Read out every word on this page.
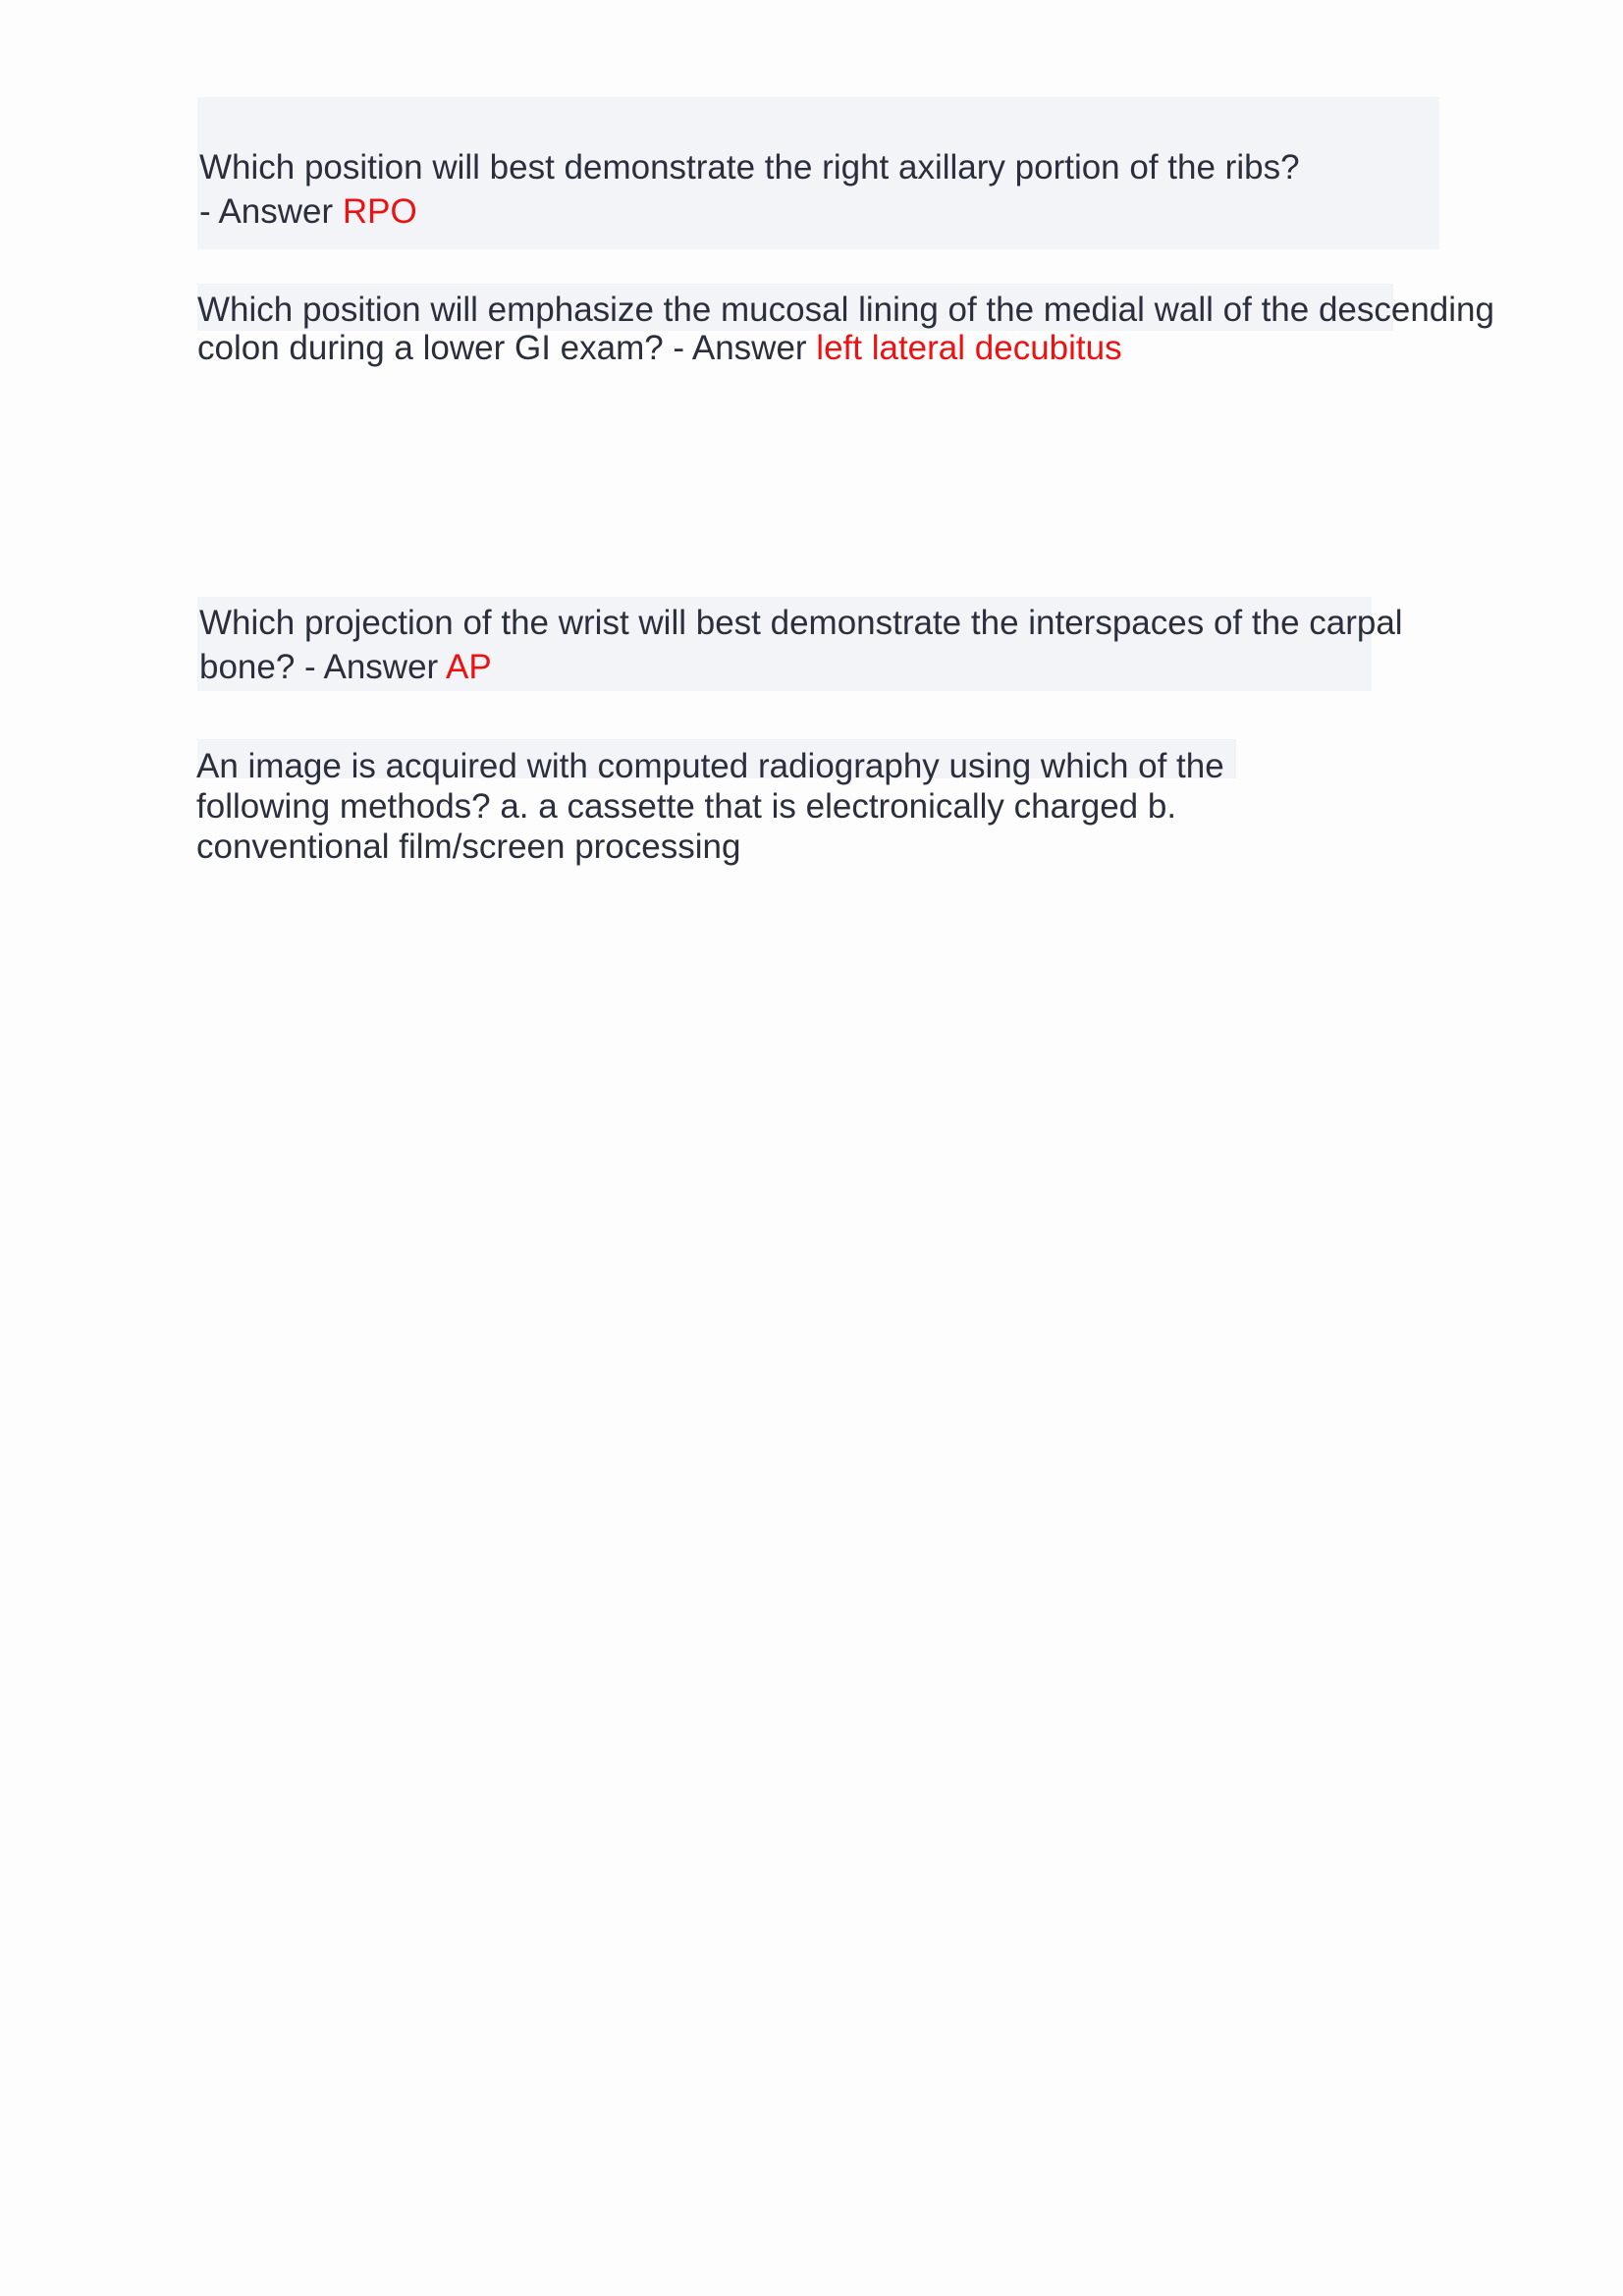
Which position will best demonstrate the right axillary portion of the ribs?
- Answer RPO
Which position will emphasize the mucosal lining of the medial wall of the descending
colon during a lower GI exam? - Answer left lateral decubitus
Which projection of the wrist will best demonstrate the interspaces of the carpal
bone? - Answer AP
An image is acquired with computed radiography using which of the
following methods? a. a cassette that is electronically charged b.
conventional film/screen processing
